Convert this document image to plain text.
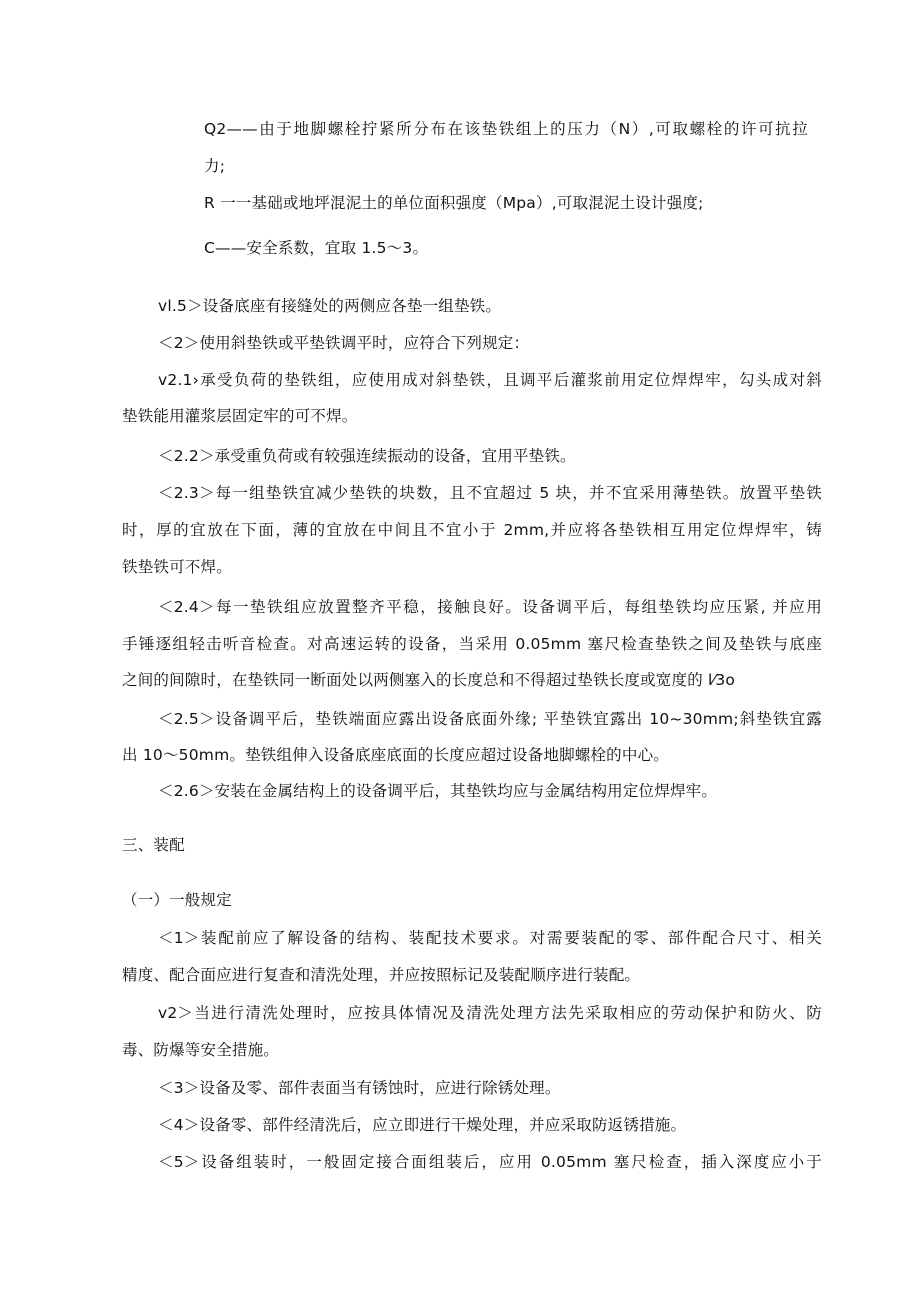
Q2——由于地脚螺栓拧紧所分布在该垫铁组上的压力（N）,可取螺栓的许可抗拉
力;
R 一一基础或地坪混泥土的单位面积强度（Mpa）,可取混泥土设计强度;
C——安全系数，宜取 1.5～3。
vl.5＞设备底座有接缝处的两侧应各垫一组垫铁。
＜2＞使用斜垫铁或平垫铁调平时，应符合下列规定：
v2.1›承受负荷的垫铁组，应使用成对斜垫铁，且调平后灌浆前用定位焊焊牢，勾头成对斜
垫铁能用灌浆层固定牢的可不焊。
＜2.2＞承受重负荷或有较强连续振动的设备，宜用平垫铁。
＜2.3＞每一组垫铁宜减少垫铁的块数，且不宜超过 5 块，并不宜采用薄垫铁。放置平垫铁
时，厚的宜放在下面，薄的宜放在中间且不宜小于 2mm,并应将各垫铁相互用定位焊焊牢，铸
铁垫铁可不焊。
＜2.4＞每一垫铁组应放置整齐平稳，接触良好。设备调平后，每组垫铁均应压紧, 并应用
手锤逐组轻击听音检查。对高速运转的设备，当采用 0.05mm 塞尺检查垫铁之间及垫铁与底座
之间的间隙时，在垫铁同一断面处以两侧塞入的长度总和不得超过垫铁长度或宽度的 l⁄3o
＜2.5＞设备调平后，垫铁端面应露出设备底面外缘; 平垫铁宜露出 10~30mm;斜垫铁宜露
出 10～50mm。垫铁组伸入设备底座底面的长度应超过设备地脚螺栓的中心。
＜2.6＞安装在金属结构上的设备调平后，其垫铁均应与金属结构用定位焊焊牢。
三、装配
（一）一般规定
＜1＞装配前应了解设备的结构、装配技术要求。对需要装配的零、部件配合尺寸、相关
精度、配合面应进行复查和清洗处理，并应按照标记及装配顺序进行装配。
v2＞当进行清洗处理时，应按具体情况及清洗处理方法先采取相应的劳动保护和防火、防
毒、防爆等安全措施。
＜3＞设备及零、部件表面当有锈蚀时，应进行除锈处理。
＜4＞设备零、部件经清洗后，应立即进行干燥处理，并应采取防返锈措施。
＜5＞设备组装时，一般固定接合面组装后，应用 0.05mm 塞尺检查，插入深度应小于
